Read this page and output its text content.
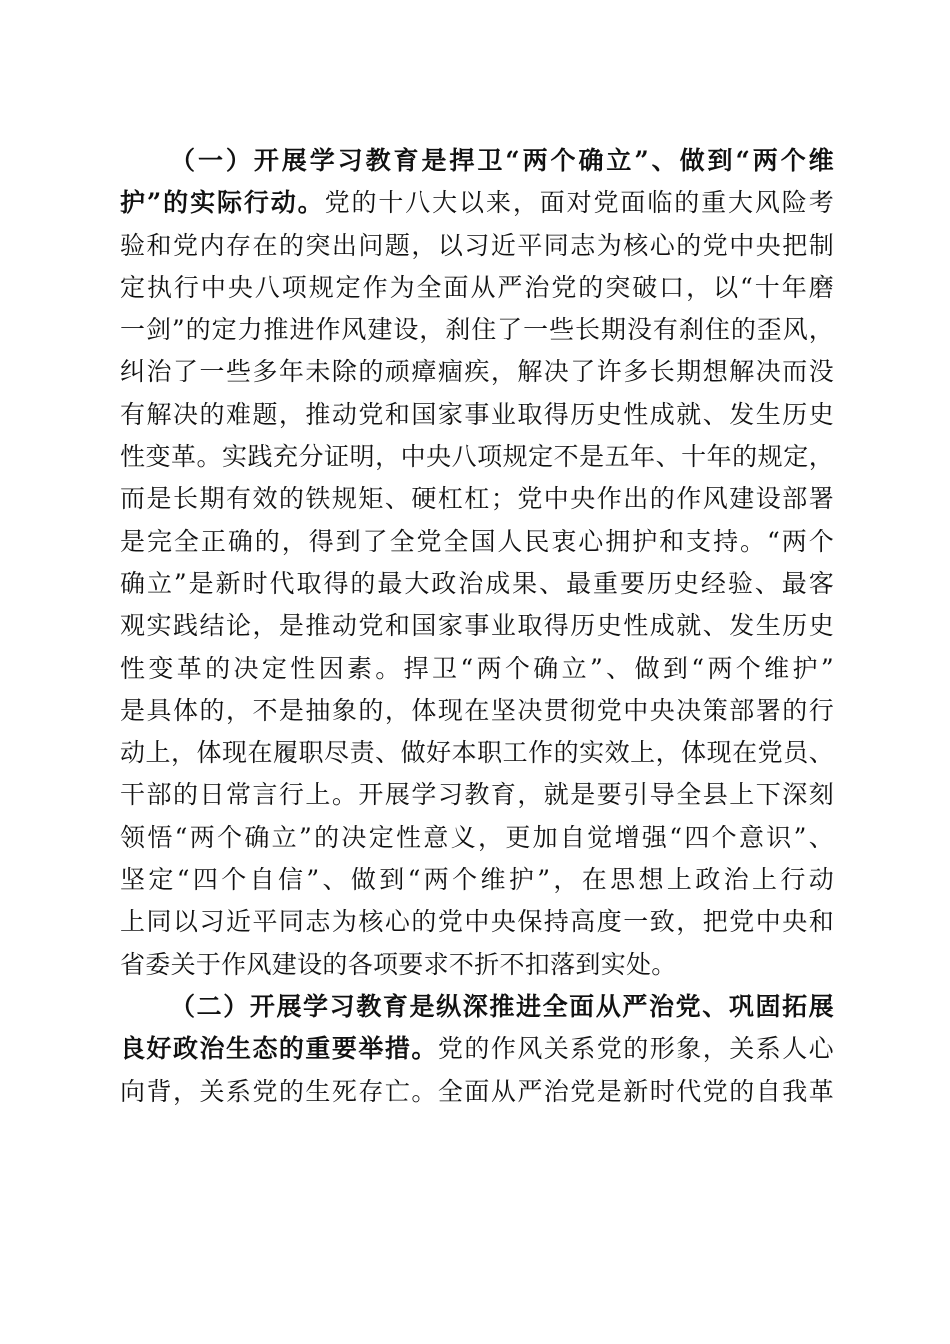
（一）开展学习教育是捍卫“两个确立”、做到“两个维
护”的实际行动。党的十八大以来，面对党面临的重大风险考
验和党内存在的突出问题，以习近平同志为核心的党中央把制
定执行中央八项规定作为全面从严治党的突破口，以“十年磨
一剑”的定力推进作风建设，刹住了一些长期没有刹住的歪风，
纠治了一些多年未除的顽瘴痼疾，解决了许多长期想解决而没
有解决的难题，推动党和国家事业取得历史性成就、发生历史
性变革。实践充分证明，中央八项规定不是五年、十年的规定，
而是长期有效的铁规矩、硬杠杠；党中央作出的作风建设部署
是完全正确的，得到了全党全国人民衷心拥护和支持。“两个
确立”是新时代取得的最大政治成果、最重要历史经验、最客
观实践结论，是推动党和国家事业取得历史性成就、发生历史
性变革的决定性因素。捍卫“两个确立”、做到“两个维护”
是具体的，不是抽象的，体现在坚决贯彻党中央决策部署的行
动上，体现在履职尽责、做好本职工作的实效上，体现在党员、
干部的日常言行上。开展学习教育，就是要引导全县上下深刻
领悟“两个确立”的决定性意义，更加自觉增强“四个意识”、
坚定“四个自信”、做到“两个维护”，在思想上政治上行动
上同以习近平同志为核心的党中央保持高度一致，把党中央和
省委关于作风建设的各项要求不折不扣落到实处。
（二）开展学习教育是纵深推进全面从严治党、巩固拓展
良好政治生态的重要举措。党的作风关系党的形象，关系人心
向背，关系党的生死存亡。全面从严治党是新时代党的自我革
